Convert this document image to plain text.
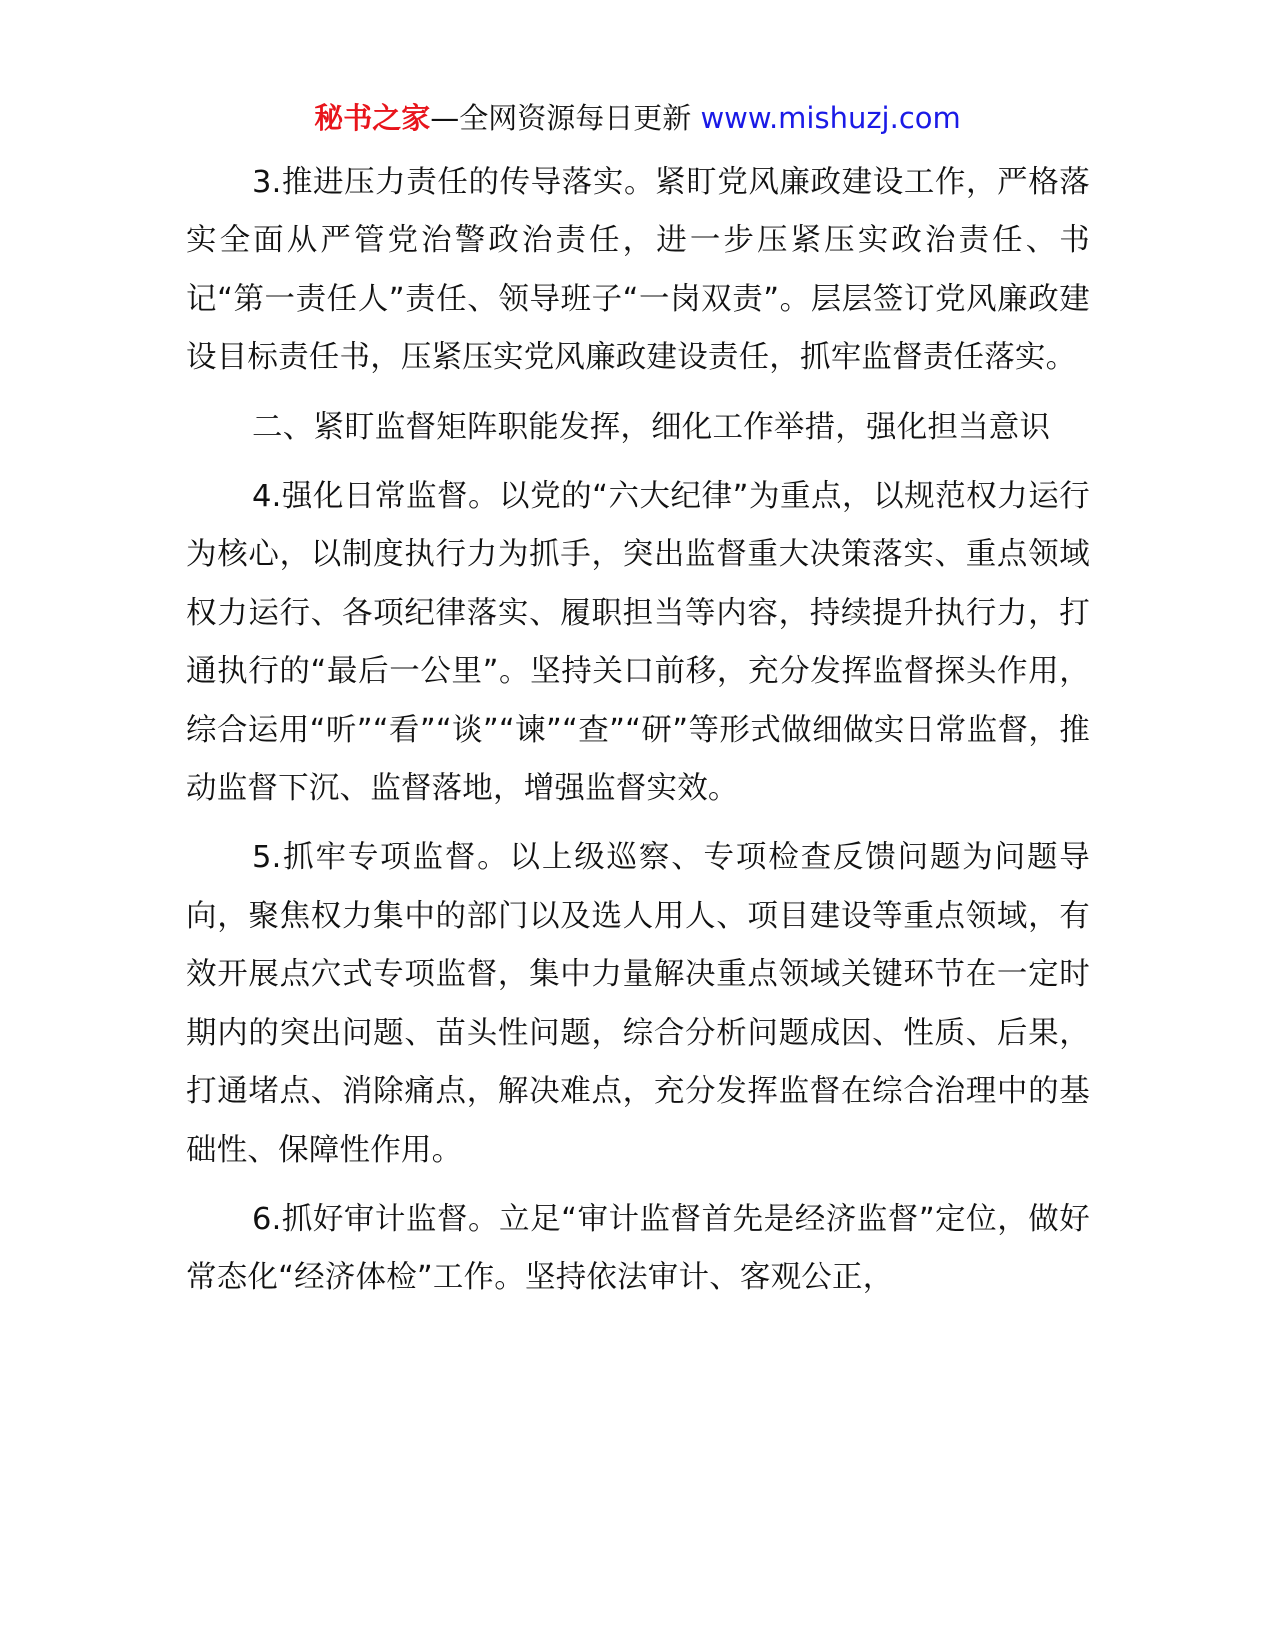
秘书之家—全网资源每日更新 www.mishuzj.com

3.推进压力责任的传导落实。紧盯党风廉政建设工作，严格落实全面从严管党治警政治责任，进一步压紧压实政治责任、书记“第一责任人”责任、领导班子“一岗双责”。层层签订党风廉政建设目标责任书，压紧压实党风廉政建设责任，抓牢监督责任落实。

二、紧盯监督矩阵职能发挥，细化工作举措，强化担当意识

4.强化日常监督。以党的“六大纪律”为重点，以规范权力运行为核心，以制度执行力为抓手，突出监督重大决策落实、重点领域权力运行、各项纪律落实、履职担当等内容，持续提升执行力，打通执行的“最后一公里”。坚持关口前移，充分发挥监督探头作用，综合运用“听”“看”“谈”“谏”“查”“研”等形式做细做实日常监督，推动监督下沉、监督落地，增强监督实效。

5.抓牢专项监督。以上级巡察、专项检查反馈问题为问题导向，聚焦权力集中的部门以及选人用人、项目建设等重点领域，有效开展点穴式专项监督，集中力量解决重点领域关键环节在一定时期内的突出问题、苗头性问题，综合分析问题成因、性质、后果，打通堵点、消除痛点，解决难点，充分发挥监督在综合治理中的基础性、保障性作用。

6.抓好审计监督。立足“审计监督首先是经济监督”定位，做好常态化“经济体检”工作。坚持依法审计、客观公正，
